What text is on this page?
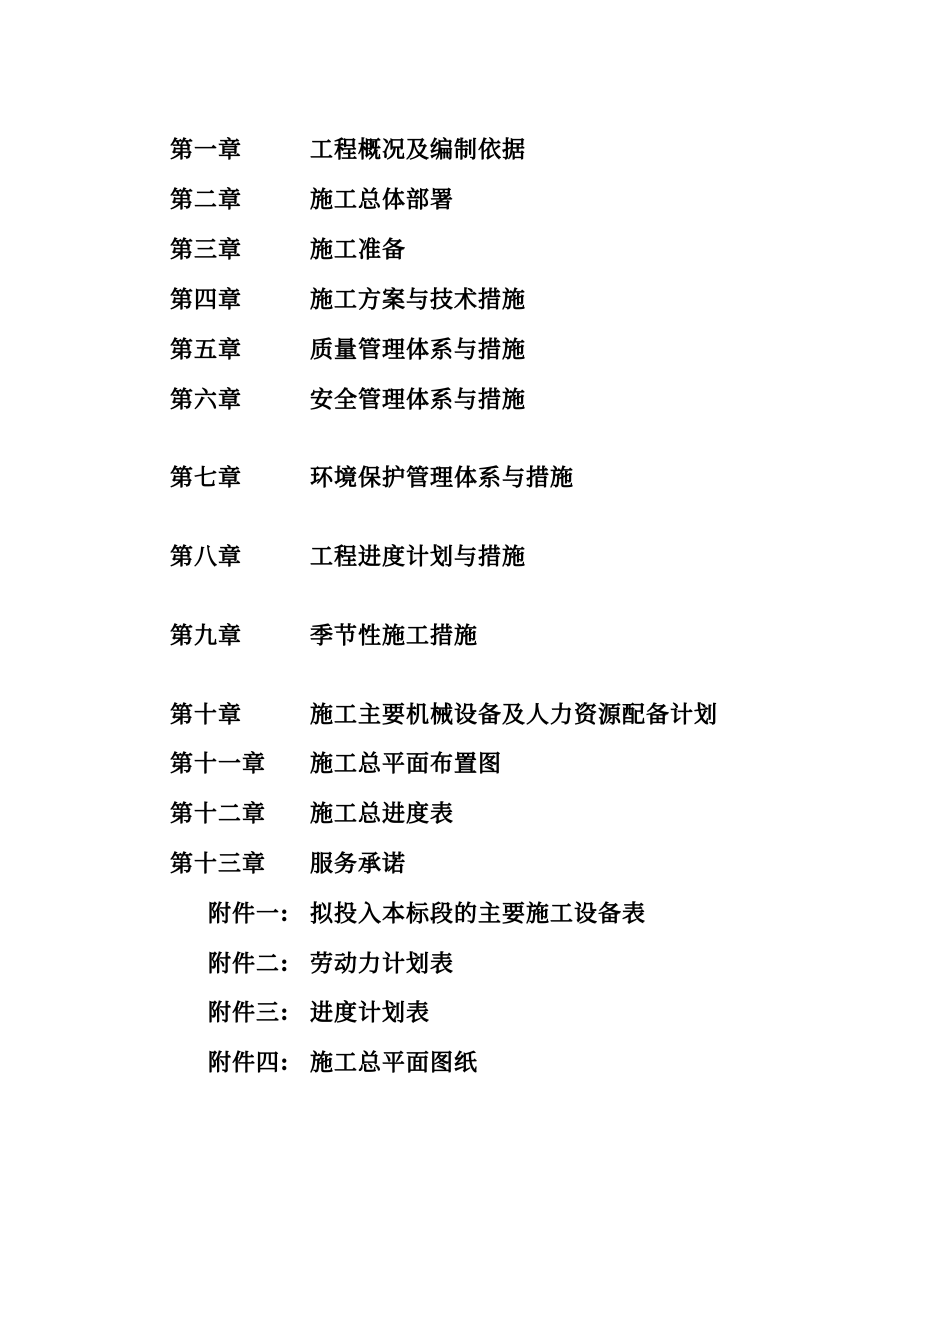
第一章	工程概况及编制依据
第二章	施工总体部署
第三章	施工准备
第四章	施工方案与技术措施
第五章	质量管理体系与措施
第六章	安全管理体系与措施
第七章	环境保护管理体系与措施
第八章	工程进度计划与措施
第九章	季节性施工措施
第十章	施工主要机械设备及人力资源配备计划
第十一章 施工总平面布置图
第十二章 施工总进度表
第十三章 服务承诺
附件一: 拟投入本标段的主要施工设备表
附件二: 劳动力计划表
附件三: 进度计划表
附件四: 施工总平面图纸
